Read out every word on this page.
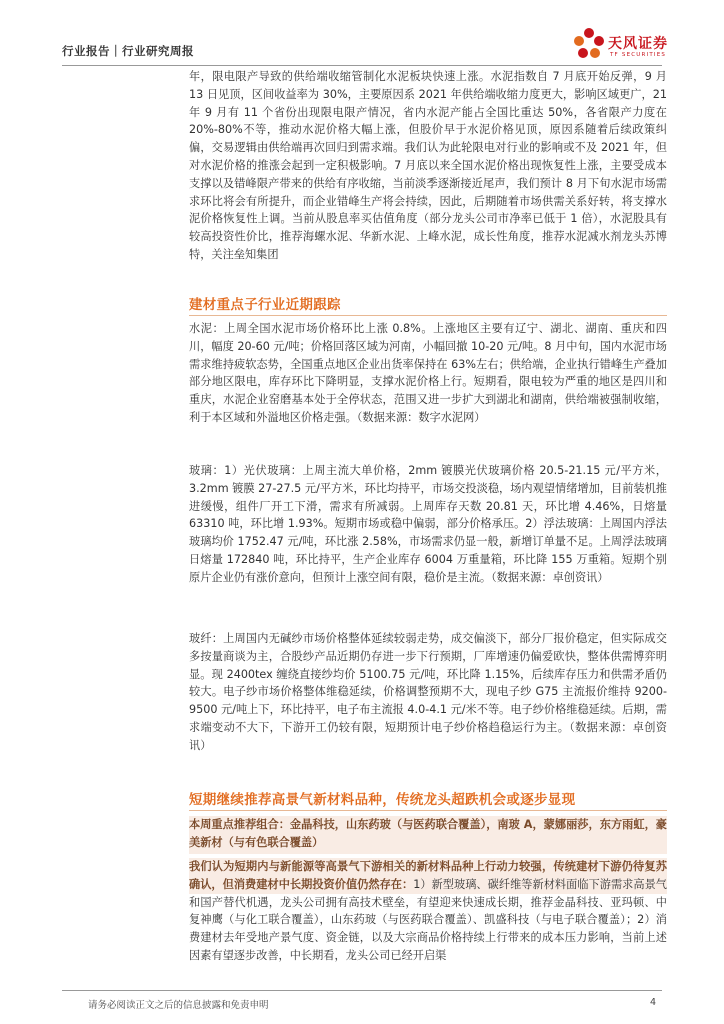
行业报告｜行业研究周报	天风证券
TF SECURITIES
年，限电限产导致的供给端收缩管制化水泥板块快速上涨。水泥指数自 7 月底开始反弹，9 月 13 日见顶，区间收益率为 30%，主要原因系 2021 年供给端收缩力度更大，影响区域更广，21 年 9 月有 11 个省份出现限电限产情况，省内水泥产能占全国比重达 50%，各省限产力度在 20%-80%不等，推动水泥价格大幅上涨，但股价早于水泥价格见顶，原因系随着后续政策纠偏，交易逻辑由供给端再次回归到需求端。我们认为此轮限电对行业的影响或不及 2021 年，但对水泥价格的推涨会起到一定积极影响。7 月底以来全国水泥价格出现恢复性上涨，主要受成本支撑以及错峰限产带来的供给有序收缩，当前淡季逐渐接近尾声，我们预计 8 月下旬水泥市场需求环比将会有所提升，而企业错峰生产将会持续，因此，后期随着市场供需关系好转，将支撑水泥价格恢复性上调。当前从股息率买估值角度（部分龙头公司市净率已低于 1 倍），水泥股具有较高投资性价比，推荐海螺水泥、华新水泥、上峰水泥，成长性角度，推荐水泥减水剂龙头苏博特，关注垒知集团
建材重点子行业近期跟踪
水泥：上周全国水泥市场价格环比上涨 0.8%。上涨地区主要有辽宁、湖北、湖南、重庆和四川，幅度 20-60 元/吨；价格回落区域为河南，小幅回撤 10-20 元/吨。8 月中旬，国内水泥市场需求维持疲软态势，全国重点地区企业出货率保持在 63%左右；供给端，企业执行错峰生产叠加部分地区限电，库存环比下降明显，支撑水泥价格上行。短期看，限电较为严重的地区是四川和重庆，水泥企业窑磨基本处于全停状态，范围又进一步扩大到湖北和湖南，供给端被强制收缩，利于本区域和外溢地区价格走强。（数据来源：数字水泥网）
玻璃：1）光伏玻璃：上周主流大单价格，2mm 镀膜光伏玻璃价格 20.5-21.15 元/平方米，3.2mm 镀膜 27-27.5 元/平方米，环比均持平，市场交投淡稳，场内观望情绪增加，目前装机推进缓慢，组件厂开工下滑，需求有所减弱。上周库存天数 20.81 天，环比增 4.46%，日熔量 63310 吨，环比增 1.93%。短期市场或稳中偏弱，部分价格承压。2）浮法玻璃：上周国内浮法玻璃均价 1752.47 元/吨，环比涨 2.58%，市场需求仍显一般，新增订单量不足。上周浮法玻璃日熔量 172840 吨，环比持平，生产企业库存 6004 万重量箱，环比降 155 万重箱。短期个别原片企业仍有涨价意向，但预计上涨空间有限，稳价是主流。（数据来源：卓创资讯）
玻纤：上周国内无碱纱市场价格整体延续较弱走势，成交偏淡下，部分厂报价稳定，但实际成交多按量商谈为主，合股纱产品近期仍存进一步下行预期，厂库增速仍偏爱欧快，整体供需博弈明显。现 2400tex 缠绕直接纱均价 5100.75 元/吨，环比降 1.15%，后续库存压力和供需矛盾仍较大。电子纱市场价格整体维稳延续，价格调整预期不大，现电子纱 G75 主流报价维持 9200-9500 元/吨上下，环比持平，电子布主流报 4.0-4.1 元/米不等。电子纱价格维稳延续。后期，需求端变动不大下，下游开工仍较有限，短期预计电子纱价格趋稳运行为主。（数据来源：卓创资讯）
短期继续推荐高景气新材料品种，传统龙头超跌机会或逐步显现
本周重点推荐组合：金晶科技，山东药玻（与医药联合覆盖），南玻 A，蒙娜丽莎，东方雨虹，豪美新材（与有色联合覆盖）
我们认为短期内与新能源等高景气下游相关的新材料品种上行动力较强，传统建材下游仍待复苏确认，但消费建材中长期投资价值仍然存在：1）新型玻璃、碳纤维等新材料面临下游需求高景气和国产替代机遇，龙头公司拥有高技术壁垒，有望迎来快速成长期，推荐金晶科技、亚玛顿、中复神鹰（与化工联合覆盖），山东药玻（与医药联合覆盖）、凯盛科技（与电子联合覆盖）；2）消费建材去年受地产景气度、资金链，以及大宗商品价格持续上行带来的成本压力影响，当前上述因素有望逐步改善，中长期看，龙头公司已经开启渠
请务必阅读正文之后的信息披露和免责申明	4
